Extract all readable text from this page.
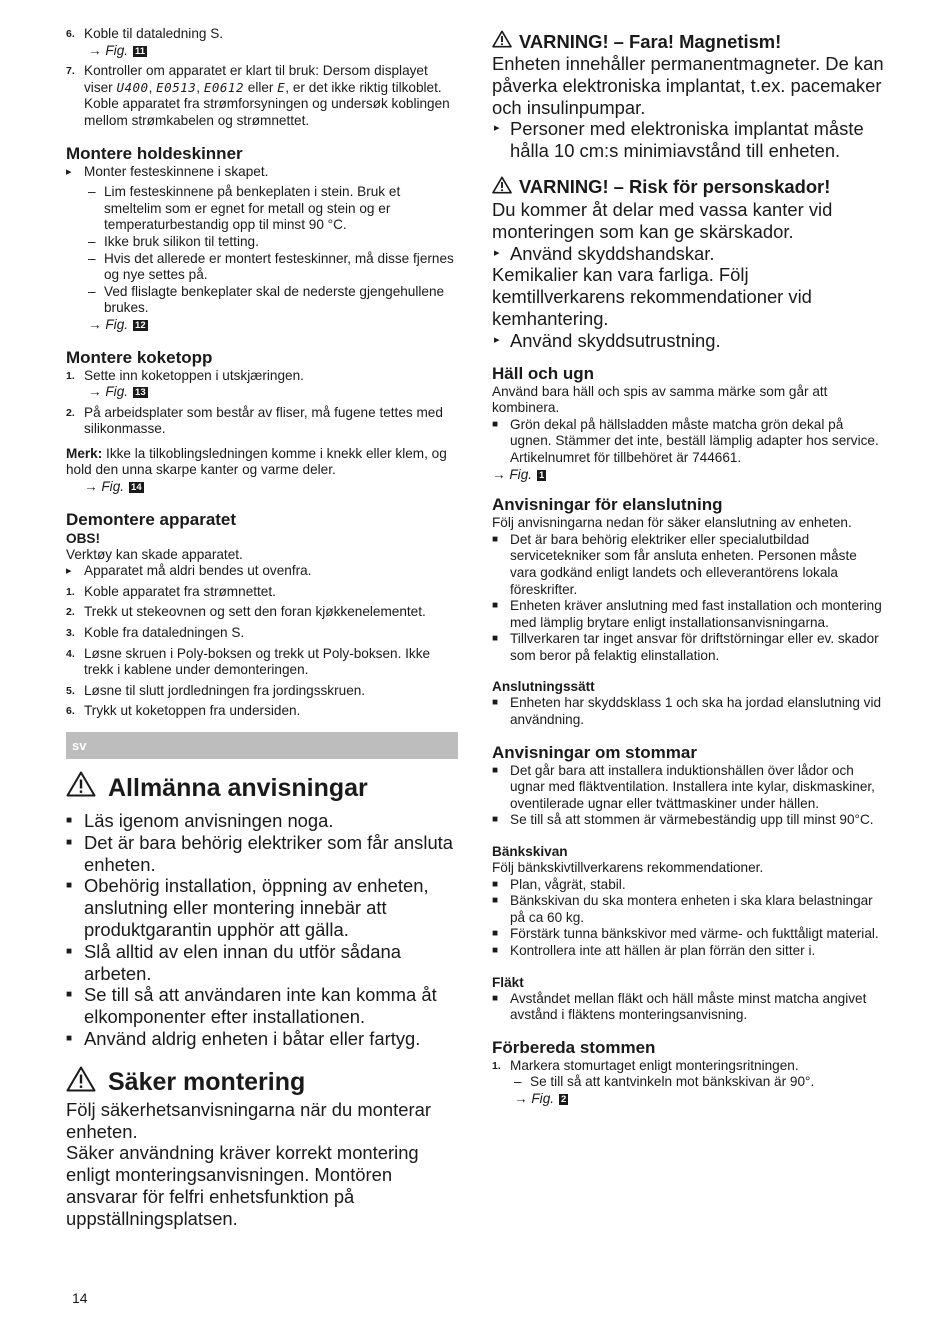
6. Koble til dataledning S.
→ Fig. 11
7. Kontroller om apparatet er klart til bruk: Dersom displayet viser U400, E0513, E0612 eller E, er det ikke riktig tilkoblet. Koble apparatet fra strømforsyningen og undersøk koblingen mellom strømkabelen og strømnettet.
Montere holdeskinner
▸ Monter festeskinnene i skapet.
– Lim festeskinnene på benkeplaten i stein. Bruk et smeltelim som er egnet for metall og stein og er temperaturbestandig opp til minst 90 °C.
– Ikke bruk silikon til tetting.
– Hvis det allerede er montert festeskinner, må disse fjernes og nye settes på.
– Ved flislagte benkeplater skal de nederste gjengehullene brukes.
→ Fig. 12
Montere koketopp
1. Sette inn koketoppen i utskjæringen.
→ Fig. 13
2. På arbeidsplater som består av fliser, må fugene tettes med silikonmasse.
Merk: Ikke la tilkoblingsledningen komme i knekk eller klem, og hold den unna skarpe kanter og varme deler.
→ Fig. 14
Demontere apparatet
OBS!
Verktøy kan skade apparatet.
▸ Apparatet må aldri bendes ut ovenfra.
1. Koble apparatet fra strømnettet.
2. Trekk ut stekeovnen og sett den foran kjøkkenelementet.
3. Koble fra dataledningen S.
4. Løsne skruen i Poly-boksen og trekk ut Poly-boksen. Ikke trekk i kablene under demonteringen.
5. Løsne til slutt jordledningen fra jordingsskruen.
6. Trykk ut koketoppen fra undersiden.
sv
Allmänna anvisningar
■ Läs igenom anvisningen noga.
■ Det är bara behörig elektriker som får ansluta enheten.
■ Obehörig installation, öppning av enheten, anslutning eller montering innebär att produktgarantin upphör att gälla.
■ Slå alltid av elen innan du utför sådana arbeten.
■ Se till så att användaren inte kan komma åt elkomponenter efter installationen.
■ Använd aldrig enheten i båtar eller fartyg.
Säker montering
Följ säkerhetsanvisningarna när du monterar enheten.
Säker användning kräver korrekt montering enligt monteringsanvisningen. Montören ansvarar för felfri enhetsfunktion på uppställningsplatsen.
VARNING! – Fara! Magnetism!
Enheten innehåller permanentmagneter. De kan påverka elektroniska implantat, t.ex. pacemaker och insulinpumpar.
▸ Personer med elektroniska implantat måste hålla 10 cm:s minimiavstånd till enheten.
VARNING! – Risk för personskador!
Du kommer åt delar med vassa kanter vid monteringen som kan ge skärskador.
▸ Använd skyddshandskar.
Kemikalier kan vara farliga. Följ kemtillverkarens rekommendationer vid kemhantering.
▸ Använd skyddsutrustning.
Häll och ugn
Använd bara häll och spis av samma märke som går att kombinera.
■ Grön dekal på hällsladden måste matcha grön dekal på ugnen. Stämmer det inte, beställ lämplig adapter hos service. Artikelnumret för tillbehöret är 744661.
→ Fig. 1
Anvisningar för elanslutning
Följ anvisningarna nedan för säker elanslutning av enheten.
■ Det är bara behörig elektriker eller specialutbildad servicetekniker som får ansluta enheten. Personen måste vara godkänd enligt landets och elleverantörens lokala föreskrifter.
■ Enheten kräver anslutning med fast installation och montering med lämplig brytare enligt installationsanvisningarna.
■ Tillverkaren tar inget ansvar för driftstörningar eller ev. skador som beror på felaktig elinstallation.
Anslutningssätt
■ Enheten har skyddsklass 1 och ska ha jordad elanslutning vid användning.
Anvisningar om stommar
■ Det går bara att installera induktionshällen över lådor och ugnar med fläktventilation. Installera inte kylar, diskmaskiner, oventilerade ugnar eller tvättmaskiner under hällen.
■ Se till så att stommen är värmebeständig upp till minst 90°C.
Bänkskivan
Följ bänkskivtillverkarens rekommendationer.
■ Plan, vågrät, stabil.
■ Bänkskivan du ska montera enheten i ska klara belastningar på ca 60 kg.
■ Förstärk tunna bänkskivor med värme- och fukttåligt material.
■ Kontrollera inte att hällen är plan förrän den sitter i.
Fläkt
■ Avståndet mellan fläkt och häll måste minst matcha angivet avstånd i fläktens monteringsanvisning.
Förbereda stommen
1. Markera stomurtaget enligt monteringsritningen.
– Se till så att kantvinkeln mot bänkskivan är 90°.
→ Fig. 2
14
